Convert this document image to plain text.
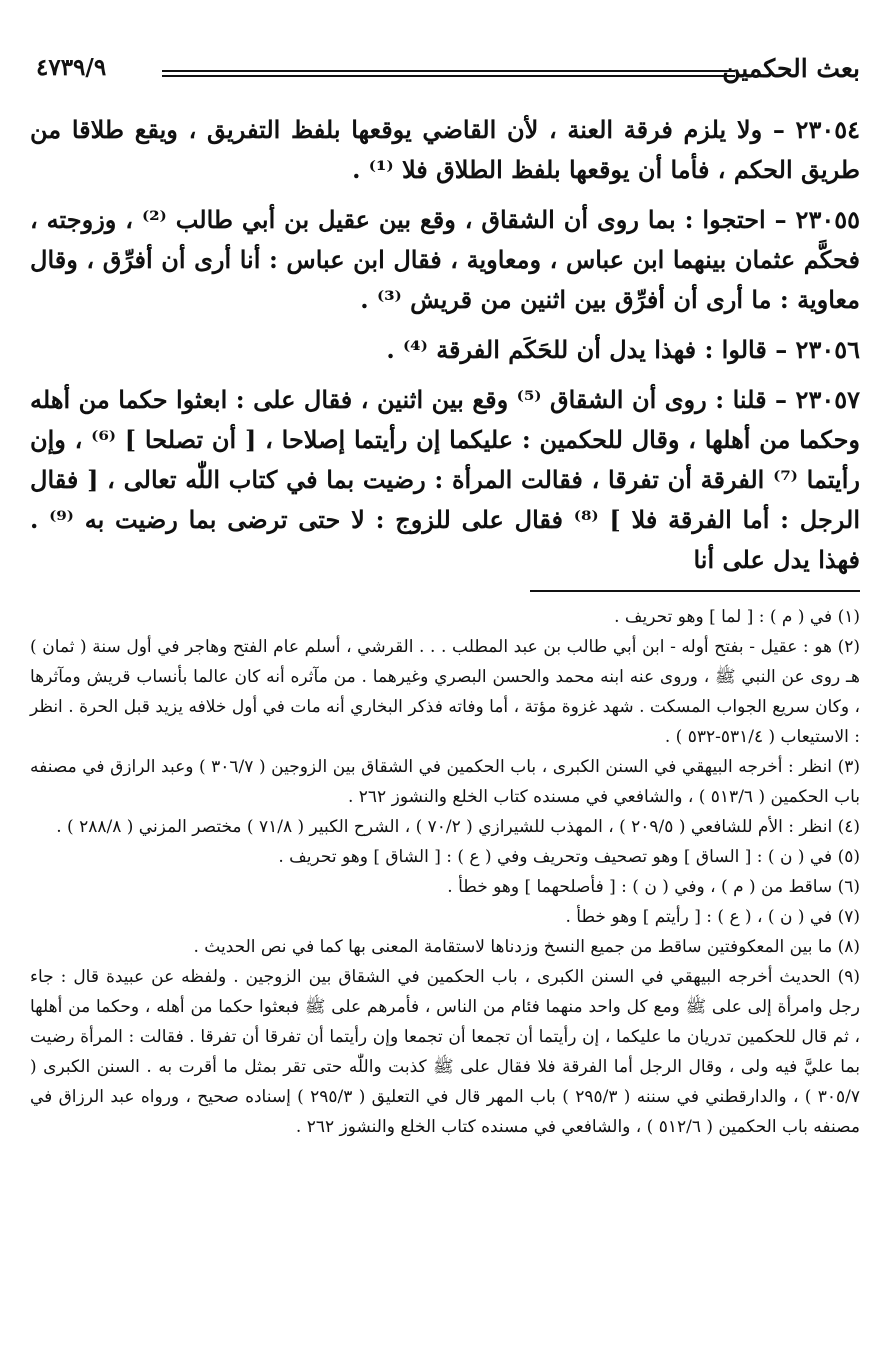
بعث الحكمين
٤٧٣٩/٩

٢٣٠٥٤ – ولا يلزم فرقة العنة ، لأن القاضي يوقعها بلفظ التفريق ، ويقع طلاقا من طريق الحكم ، فأما أن يوقعها بلفظ الطلاق فلا ⁽¹⁾ .

٢٣٠٥٥ – احتجوا : بما روى أن الشقاق ، وقع بين عقيل بن أبي طالب ⁽²⁾ ، وزوجته ، فحكَّم عثمان بينهما ابن عباس ، ومعاوية ، فقال ابن عباس : أنا أرى أن أفرِّق ، وقال معاوية : ما أرى أن أفرِّق بين اثنين من قريش ⁽³⁾ .

٢٣٠٥٦ – قالوا : فهذا يدل أن للحَكَم الفرقة ⁽⁴⁾ .

٢٣٠٥٧ – قلنا : روى أن الشقاق ⁽⁵⁾ وقع بين اثنين ، فقال على : ابعثوا حكما من أهله وحكما من أهلها ، وقال للحكمين : عليكما إن رأيتما إصلاحا ، [ أن تصلحا ] ⁽⁶⁾ ، وإن رأيتما ⁽⁷⁾ الفرقة أن تفرقا ، فقالت المرأة : رضيت بما في كتاب اللّٰه تعالى ، [ فقال الرجل : أما الفرقة فلا ] ⁽⁸⁾ فقال على للزوج : لا حتى ترضى بما رضيت به ⁽⁹⁾ . فهذا يدل على أنا

(١) في ( م ) : [ لما ] وهو تحريف .

(٢) هو : عقيل - بفتح أوله - ابن أبي طالب بن عبد المطلب . . . القرشي ، أسلم عام الفتح وهاجر في أول سنة ( ثمان ) هـ روى عن النبي ﷺ ، وروى عنه ابنه محمد والحسن البصري وغيرهما . من مآثره أنه كان عالما بأنساب قريش ومآثرها ، وكان سريع الجواب المسكت . شهد غزوة مؤتة ، أما وفاته فذكر البخاري أنه مات في أول خلافه يزيد قبل الحرة . انظر : الاستيعاب ( ٥٣١/٤-٥٣٢ ) .

(٣) انظر : أخرجه البيهقي في السنن الكبرى ، باب الحكمين في الشقاق بين الزوجين ( ٣٠٦/٧ ) وعبد الرازق في مصنفه باب الحكمين ( ٥١٣/٦ ) ، والشافعي في مسنده كتاب الخلع والنشوز ٢٦٢ .

(٤) انظر : الأم للشافعي ( ٢٠٩/٥ ) ، المهذب للشيرازي ( ٧٠/٢ ) ، الشرح الكبير ( ٧١/٨ ) مختصر المزني ( ٢٨٨/٨ ) .

(٥) في ( ن ) : [ الساق ] وهو تصحيف وتحريف وفي ( ع ) : [ الشاق ] وهو تحريف .

(٦) ساقط من ( م ) ، وفي ( ن ) : [ فأصلحهما ] وهو خطأ .

(٧) في ( ن ) ، ( ع ) : [ رأيتم ] وهو خطأ .

(٨) ما بين المعكوفتين ساقط من جميع النسخ وزدناها لاستقامة المعنى بها كما في نص الحديث .

(٩) الحديث أخرجه البيهقي في السنن الكبرى ، باب الحكمين في الشقاق بين الزوجين . ولفظه عن عبيدة قال : جاء رجل وامرأة إلى على ﷺ ومع كل واحد منهما فئام من الناس ، فأمرهم على ﷺ فبعثوا حكما من أهله ، وحكما من أهلها ، ثم قال للحكمين تدريان ما عليكما ، إن رأيتما أن تجمعا أن تجمعا وإن رأيتما أن تفرقا أن تفرقا . فقالت : المرأة رضيت بما عليَّ فيه ولى ، وقال الرجل أما الفرقة فلا فقال على ﷺ كذبت واللّٰه حتى تقر بمثل ما أقرت به . السنن الكبرى ( ٣٠٥/٧ ) ، والدارقطني في سننه ( ٢٩٥/٣ ) باب المهر قال في التعليق ( ٢٩٥/٣ ) إسناده صحيح ، ورواه عبد الرزاق في مصنفه باب الحكمين ( ٥١٢/٦ ) ، والشافعي في مسنده كتاب الخلع والنشوز ٢٦٢ .
